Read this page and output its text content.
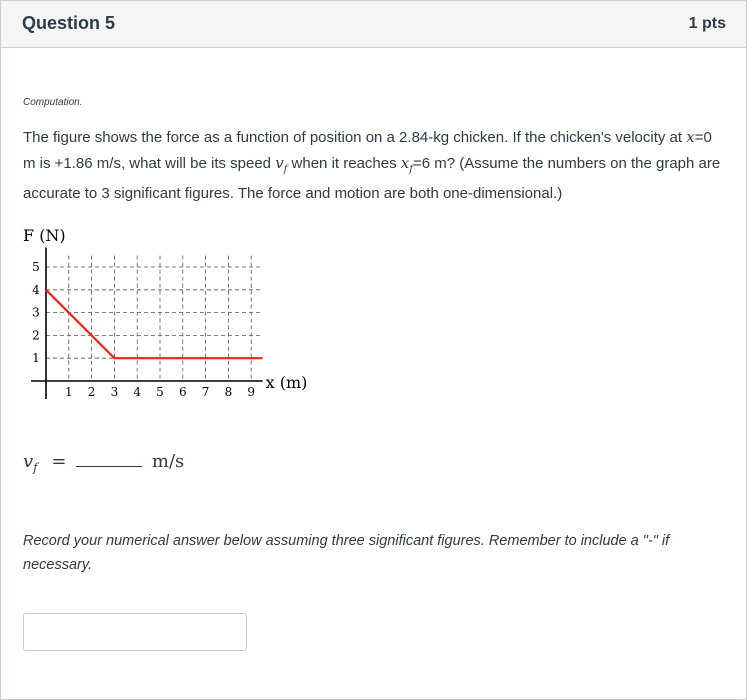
Question 5	1 pts
Computation.
The figure shows the force as a function of position on a 2.84-kg chicken. If the chicken's velocity at x=0 m is +1.86 m/s, what will be its speed $v_f$ when it reaches $x_f=6$ m? (Assume the numbers on the graph are accurate to 3 significant figures. The force and motion are both one-dimensional.)
1 2 3 4 5 6 7 8 9
1
2
3
4
5
F (N)
x (m)
$v_f$ =	m/s
Record your numerical answer below assuming three significant figures. Remember to include a "-" if necessary.
